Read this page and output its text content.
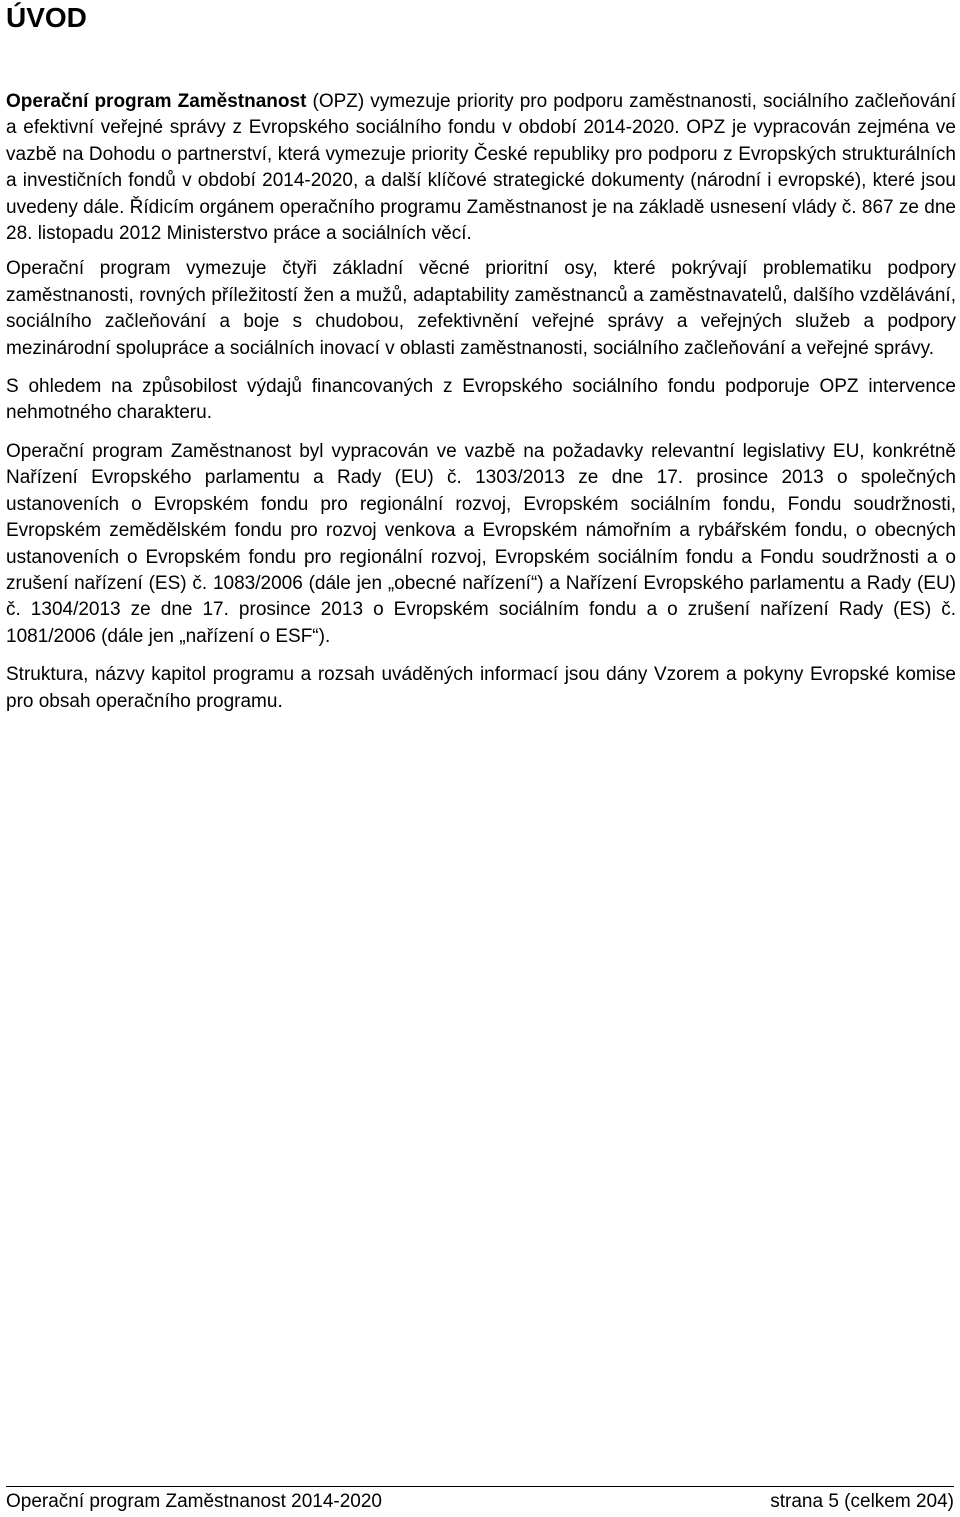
ÚVOD

Operační program Zaměstnanost (OPZ) vymezuje priority pro podporu zaměstnanosti, sociálního začleňování a efektivní veřejné správy z Evropského sociálního fondu v období 2014-2020. OPZ je vypracován zejména ve vazbě na Dohodu o partnerství, která vymezuje priority České republiky pro podporu z Evropských strukturálních a investičních fondů v období 2014-2020, a další klíčové strategické dokumenty (národní i evropské), které jsou uvedeny dále. Řídicím orgánem operačního programu Zaměstnanost je na základě usnesení vlády č. 867 ze dne 28. listopadu 2012 Ministerstvo práce a sociálních věcí.

Operační program vymezuje čtyři základní věcné prioritní osy, které pokrývají problematiku podpory zaměstnanosti, rovných příležitostí žen a mužů, adaptability zaměstnanců a zaměstnavatelů, dalšího vzdělávání, sociálního začleňování a boje s chudobou, zefektivnění veřejné správy a veřejných služeb a podpory mezinárodní spolupráce a sociálních inovací v oblasti zaměstnanosti, sociálního začleňování a veřejné správy.

S ohledem na způsobilost výdajů financovaných z Evropského sociálního fondu podporuje OPZ intervence nehmotného charakteru.

Operační program Zaměstnanost byl vypracován ve vazbě na požadavky relevantní legislativy EU, konkrétně Nařízení Evropského parlamentu a Rady (EU) č. 1303/2013 ze dne 17. prosince 2013 o společných ustanoveních o Evropském fondu pro regionální rozvoj, Evropském sociálním fondu, Fondu soudržnosti, Evropském zemědělském fondu pro rozvoj venkova a Evropském námořním a rybářském fondu, o obecných ustanoveních o Evropském fondu pro regionální rozvoj, Evropském sociálním fondu a Fondu soudržnosti a o zrušení nařízení (ES) č. 1083/2006 (dále jen „obecné nařízení“) a Nařízení Evropského parlamentu a Rady (EU) č. 1304/2013 ze dne 17. prosince 2013 o Evropském sociálním fondu a o zrušení nařízení Rady (ES) č. 1081/2006 (dále jen „nařízení o ESF“).

Struktura, názvy kapitol programu a rozsah uváděných informací jsou dány Vzorem a pokyny Evropské komise pro obsah operačního programu.

Operační program Zaměstnanost 2014-2020	strana 5 (celkem 204)
